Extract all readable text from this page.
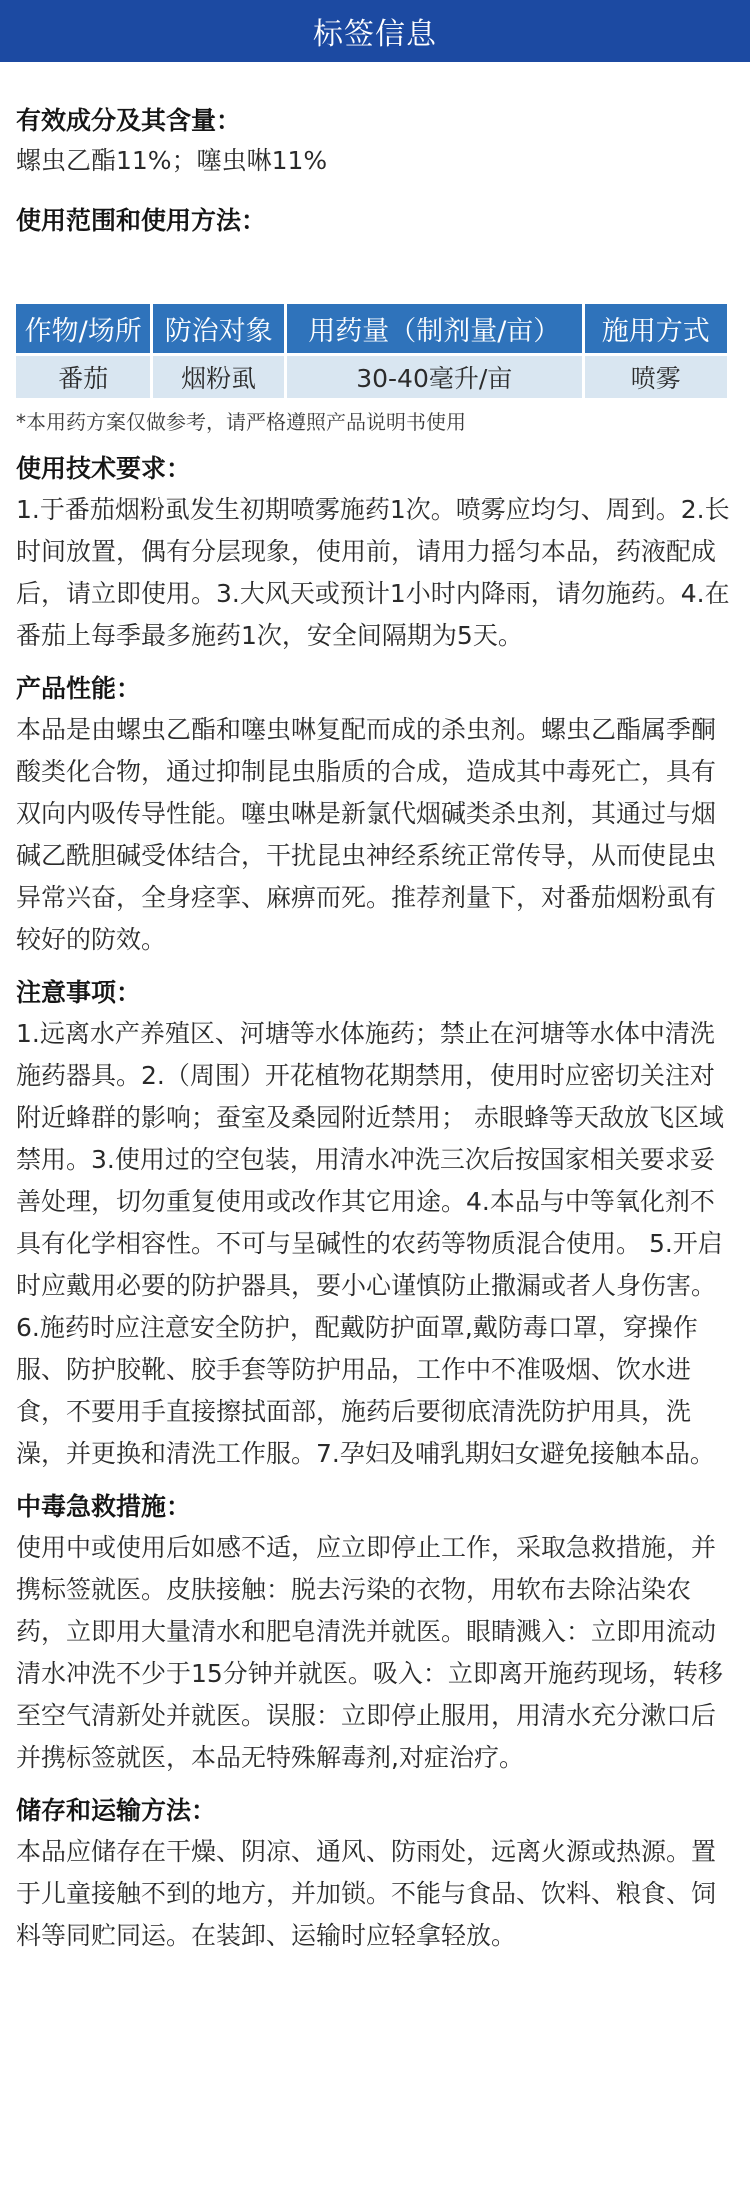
标签信息
有效成分及其含量：
螺虫乙酯11%；噻虫啉11%
使用范围和使用方法：
作物/场所	防治对象	用药量（制剂量/亩）	施用方式
番茄	烟粉虱	30-40毫升/亩	喷雾
*本用药方案仅做参考，请严格遵照产品说明书使用
使用技术要求：
1.于番茄烟粉虱发生初期喷雾施药1次。喷雾应均匀、周到。2.长时间放置，偶有分层现象，使用前，请用力摇匀本品，药液配成后，请立即使用。3.大风天或预计1小时内降雨，请勿施药。4.在番茄上每季最多施药1次，安全间隔期为5天。
产品性能：
本品是由螺虫乙酯和噻虫啉复配而成的杀虫剂。螺虫乙酯属季酮酸类化合物，通过抑制昆虫脂质的合成，造成其中毒死亡，具有双向内吸传导性能。噻虫啉是新氯代烟碱类杀虫剂，其通过与烟碱乙酰胆碱受体结合，干扰昆虫神经系统正常传导，从而使昆虫异常兴奋，全身痉挛、麻痹而死。推荐剂量下，对番茄烟粉虱有较好的防效。
注意事项：
1.远离水产养殖区、河塘等水体施药；禁止在河塘等水体中清洗施药器具。2.（周围）开花植物花期禁用，使用时应密切关注对附近蜂群的影响；蚕室及桑园附近禁用； 赤眼蜂等天敌放飞区域禁用。3.使用过的空包装，用清水冲洗三次后按国家相关要求妥善处理，切勿重复使用或改作其它用途。4.本品与中等氧化剂不具有化学相容性。不可与呈碱性的农药等物质混合使用。 5.开启时应戴用必要的防护器具，要小心谨慎防止撒漏或者人身伤害。6.施药时应注意安全防护，配戴防护面罩,戴防毒口罩，穿操作服、防护胶靴、胶手套等防护用品，工作中不准吸烟、饮水进食，不要用手直接擦拭面部，施药后要彻底清洗防护用具，洗澡，并更换和清洗工作服。7.孕妇及哺乳期妇女避免接触本品。
中毒急救措施：
使用中或使用后如感不适，应立即停止工作，采取急救措施，并携标签就医。皮肤接触：脱去污染的衣物，用软布去除沾染农药，立即用大量清水和肥皂清洗并就医。眼睛溅入：立即用流动清水冲洗不少于15分钟并就医。吸入：立即离开施药现场，转移至空气清新处并就医。误服：立即停止服用，用清水充分漱口后并携标签就医，本品无特殊解毒剂,对症治疗。
储存和运输方法：
本品应储存在干燥、阴凉、通风、防雨处，远离火源或热源。置于儿童接触不到的地方，并加锁。不能与食品、饮料、粮食、饲料等同贮同运。在装卸、运输时应轻拿轻放。
